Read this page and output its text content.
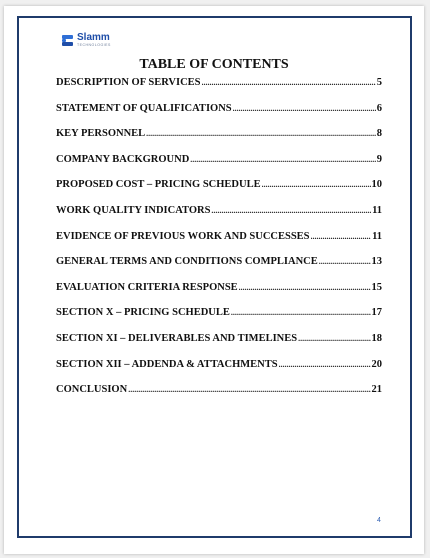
Slamm
TECHNOLOGIES
TABLE OF CONTENTS
DESCRIPTION OF SERVICES .....	5
STATEMENT OF QUALIFICATIONS .....	6
KEY PERSONNEL .....	8
COMPANY BACKGROUND .....	9
PROPOSED COST – PRICING SCHEDULE .....	10
WORK QUALITY INDICATORS .....	11
EVIDENCE OF PREVIOUS WORK AND SUCCESSES .....	11
GENERAL TERMS AND CONDITIONS COMPLIANCE .....	13
EVALUATION CRITERIA RESPONSE .....	15
SECTION X – PRICING SCHEDULE .....	17
SECTION XI – DELIVERABLES AND TIMELINES .....	18
SECTION XII – ADDENDA & ATTACHMENTS .....	20
CONCLUSION .....	21
4
